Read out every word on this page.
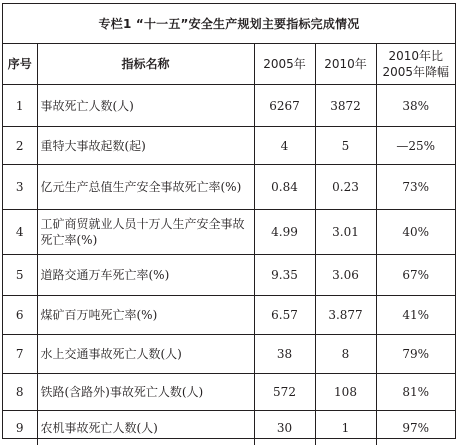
专栏1 “十一五”安全生产规划主要指标完成情况
序号	指标名称	2005年	2010年	2010年比
2005年降幅

1	事故死亡人数(人)	6267	3872	38%
2	重特大事故起数(起)	4	5	—25%
3	亿元生产总值生产安全事故死亡率(%)	0.84	0.23	73%
4	工矿商贸就业人员十万人生产安全事故死亡率(%)	4.99	3.01	40%
5	道路交通万车死亡率(%)	9.35	3.06	67%
6	煤矿百万吨死亡率(%)	6.57	3.877	41%
7	水上交通事故死亡人数(人)	38	8	79%
8	铁路(含路外)事故死亡人数(人)	572	108	81%
9	农机事故死亡人数(人)	30	1	97%
